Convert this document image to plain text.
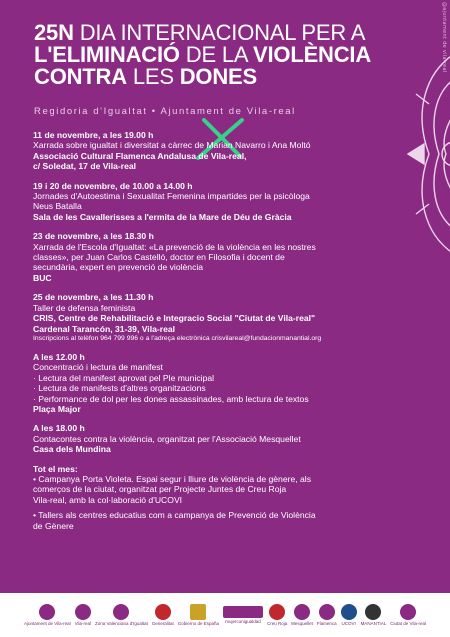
@ajuntament de vila-real
25N DIA INTERNACIONAL PER A
L'ELIMINACIÓ DE LA VIOLÈNCIA
CONTRA LES DONES
Regidoria d'Igualtat • Ajuntament de Vila-real
11 de novembre, a les 19.00 h
Xarrada sobre igualtat i diversitat a càrrec de Marian Navarro i Ana Moltó
Associació Cultural Flamenca Andalusa de Vila-real,
c/ Soledat, 17 de Vila-real
19 i 20 de novembre, de 10.00 a 14.00 h
Jornades d'Autoestima i Sexualitat Femenina impartides per la psicòloga
Neus Batalla
Sala de les Cavallerisses a l'ermita de la Mare de Déu de Gràcia
23 de novembre, a les 18.30 h
Xarrada de l'Escola d'Igualtat: «La prevenció de la violència en les nostres
classes», per Juan Carlos Castelló, doctor en Filosofia i docent de
secundària, expert en prevenció de violència
BUC
25 de novembre, a les 11.30 h
Taller de defensa feminista
CRIS, Centre de Rehabilitació e Integracio Social "Ciutat de Vila-real"
Cardenal Tarancón, 31-39, Vila-real
Inscripcions al telèfon 964 799 996 o a l'adreça electrònica crisvilareal@fundacionmanantial.org
A les 12.00 h
Concentració i lectura de manifest
· Lectura del manifest aprovat pel Ple municipal
· Lectura de manifests d'altres organitzacions
· Performance de dol per les dones assassinades, amb lectura de textos
Plaça Major
A les 18.00 h
Contacontes contra la violència, organitzat per l'Associació Mesquellet
Casa dels Mundina
Tot el mes:
• Campanya Porta Violeta. Espai segur i lliure de violència de gènere, als
comerços de la ciutat, organitzat per Projecte Juntes de Creu Roja
Vila-real, amb la col·laboració d'UCOVI
• Tallers als centres educatius com a campanya de Prevenció de Violència
de Gènere
Ajuntament de Vila-real Vila-real Zona Valenciana d'Igualtat Generalitat Gobierno de España mujerconigualdad Creu Roja Mesquellet Flamenca UCOVI MANANTIAL Ciutat de Vila-real
